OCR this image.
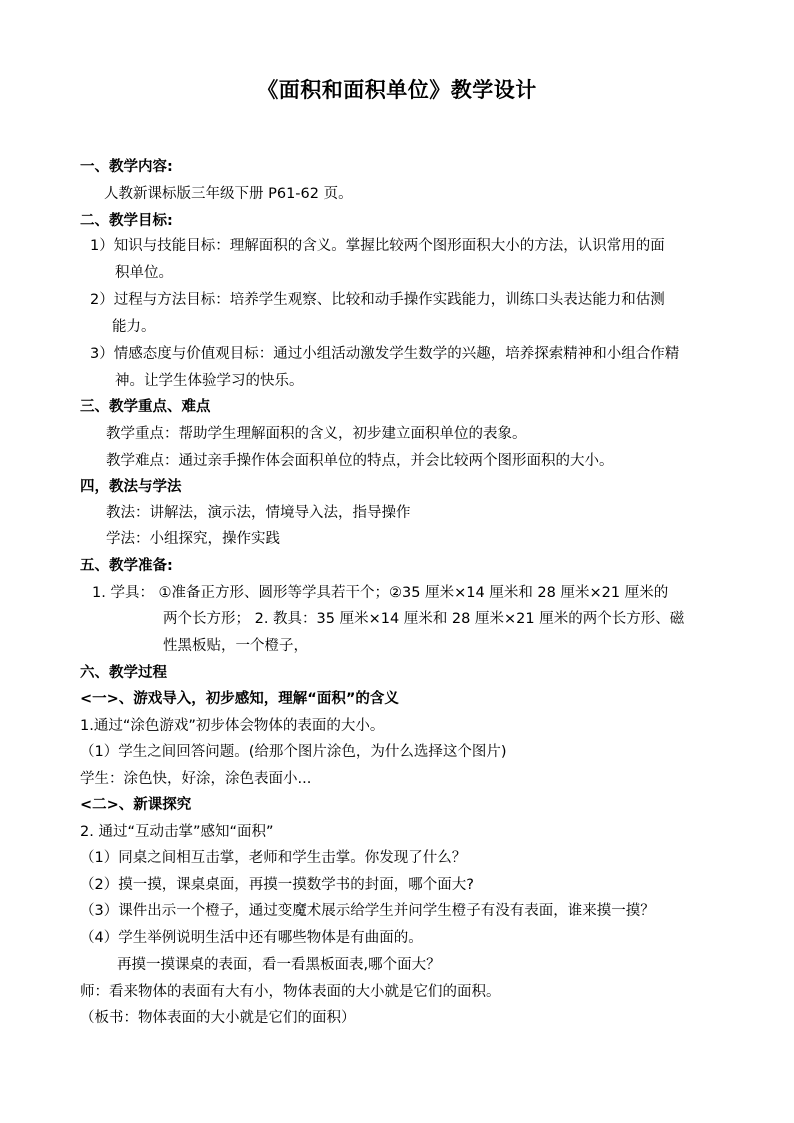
《面积和面积单位》教学设计
一、教学内容:
人教新课标版三年级下册 P61-62 页。
二、教学目标:
1）知识与技能目标：理解面积的含义。掌握比较两个图形面积大小的方法，认识常用的面
积单位。
2）过程与方法目标：培养学生观察、比较和动手操作实践能力，训练口头表达能力和估测
能力。
3）情感态度与价值观目标：通过小组活动激发学生数学的兴趣，培养探索精神和小组合作精
神。让学生体验学习的快乐。
三、教学重点、难点
教学重点：帮助学生理解面积的含义，初步建立面积单位的表象。
教学难点：通过亲手操作体会面积单位的特点，并会比较两个图形面积的大小。
四，教法与学法
教法：讲解法，演示法，情境导入法，指导操作
学法：小组探究，操作实践
五、教学准备:
1. 学具： ①准备正方形、圆形等学具若干个；②35 厘米×14 厘米和 28 厘米×21 厘米的
两个长方形； 2. 教具：35 厘米×14 厘米和 28 厘米×21 厘米的两个长方形、磁
性黑板贴，一个橙子，
六、教学过程
<一>、游戏导入，初步感知，理解“面积”的含义
1.通过“涂色游戏”初步体会物体的表面的大小。
（1）学生之间回答问题。(给那个图片涂色，为什么选择这个图片)
学生：涂色快，好涂，涂色表面小...
<二>、新课探究
2. 通过“互动击掌”感知“面积”
（1）同桌之间相互击掌，老师和学生击掌。你发现了什么？
（2）摸一摸，课桌桌面，再摸一摸数学书的封面，哪个面大?
（3）课件出示一个橙子，通过变魔术展示给学生并问学生橙子有没有表面，谁来摸一摸？
（4）学生举例说明生活中还有哪些物体是有曲面的。
再摸一摸课桌的表面，看一看黑板面表,哪个面大？
师：看来物体的表面有大有小，物体表面的大小就是它们的面积。
（板书：物体表面的大小就是它们的面积）
